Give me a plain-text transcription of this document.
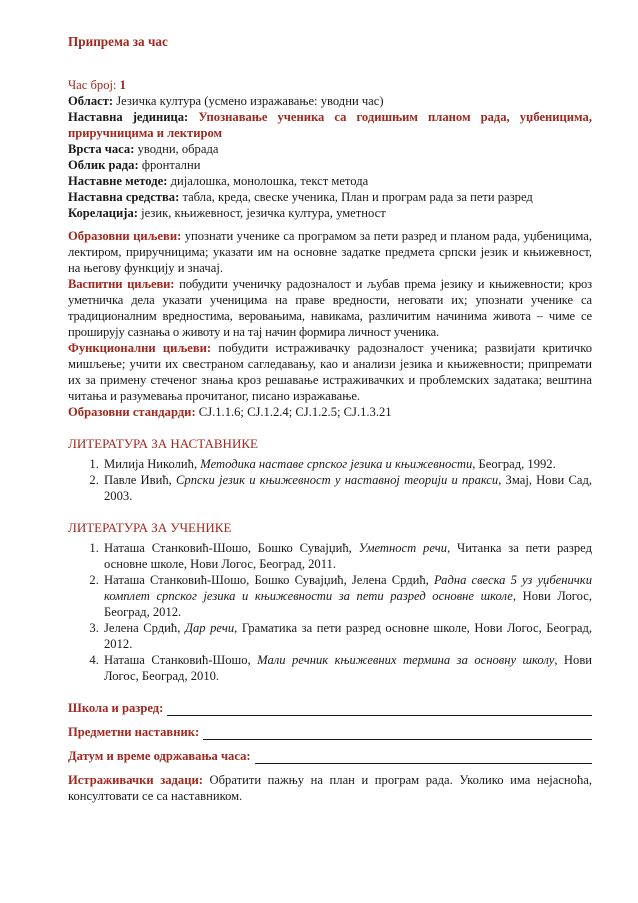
Припрема за час

Час број: 1

Област: Језичка култура (усмено изражавање: уводни час)

Наставна јединица: Упознавање ученика са годишњим планом рада, уџбеницима, приручницима и лектиром

Врста часа: уводни, обрада

Облик рада: фронтални

Наставне методе: дијалошка, монолошка, текст метода

Наставна средства: табла, креда, свеске ученика, План и програм рада за пети разред

Корелација: језик, књижевност, језичка култура, уметност

Образовни циљеви: упознати ученике са програмом за пети разред и планом рада, уџбеницима, лектиром, приручницима; указати им на основне задатке предмета српски језик и књижевност, на његову функцију и значај.

Васпитни циљеви: побудити ученичку радозналост и љубав према језику и књижевности; кроз уметничка дела указати ученицима на праве вредности, неговати их; упознати ученике са традиционалним вредностима, веровањима, навикама, различитим начинима живота – чиме се проширују сазнања о животу и на тај начин формира личност ученика.

Функционални циљеви: побудити истраживачку радозналост ученика; развијати критичко мишљење; учити их свестраном сагледавању, као и анализи језика и књижевности; припремати их за примену стеченог знања кроз решавање истраживачких и проблемских задатака; вештина читања и разумевања прочитаног, писано изражавање.

Образовни стандарди: СЈ.1.1.6; СЈ.1.2.4; СЈ.1.2.5; СЈ.1.3.21

ЛИТЕРАТУРА ЗА НАСТАВНИКЕ

1. Милија Николић, Методика наставе српског језика и књижевности, Београд, 1992.
2. Павле Ивић, Српски језик и књижевност у наставној теорији и пракси, Змај, Нови Сад, 2003.

ЛИТЕРАТУРА ЗА УЧЕНИКЕ

1. Наташа Станковић-Шошо, Бошко Сувајџић, Уметност речи, Читанка за пети разред основне школе, Нови Логос, Београд, 2011.
2. Наташа Станковић-Шошо, Бошко Сувајџић, Јелена Срдић, Радна свеска 5 уз уџбенички комплет српског језика и књижевности за пети разред основне школе, Нови Логос, Београд, 2012.
3. Јелена Срдић, Дар речи, Граматика за пети разред основне школе, Нови Логос, Београд, 2012.
4. Наташа Станковић-Шошо, Мали речник књижевних термина за основну школу, Нови Логос, Београд, 2010.
Школа и разред:
Предметни наставник:
Датум и време одржавања часа:

Истраживачки задаци: Обратити пажњу на план и програм рада. Уколико има нејасноћа, консултовати се са наставником.
